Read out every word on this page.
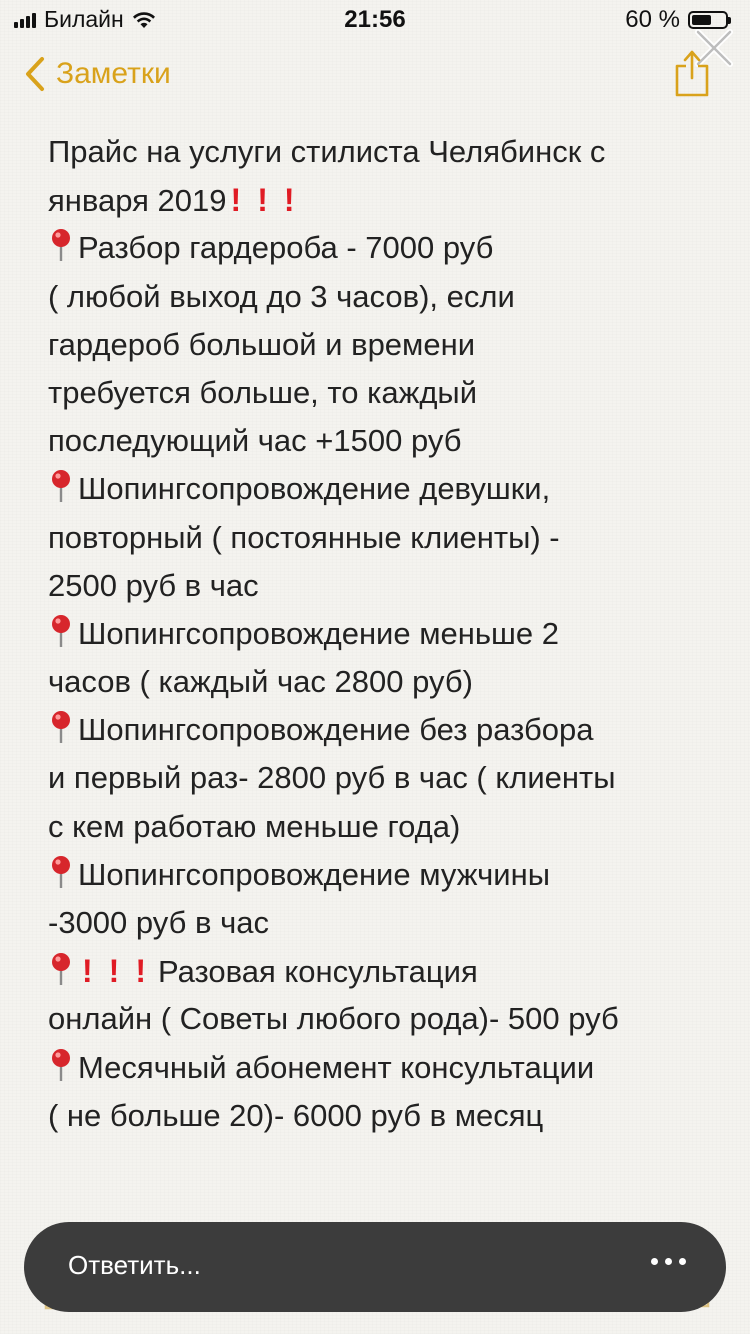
Билайн	21:56	60 %
Заметки
Прайс на услуги стилиста Челябинск с
января 2019 ! ! !
Разбор гардероба - 7000 руб
( любой выход до 3 часов), если
гардероб большой и времени
требуется больше, то каждый
последующий час +1500 руб
Шопингсопровождение девушки,
повторный ( постоянные клиенты) -
2500 руб в час
Шопингсопровождение меньше 2
часов ( каждый час 2800 руб)
Шопингсопровождение без разбора
и первый раз- 2800 руб в час ( клиенты
с кем работаю меньше года)
Шопингсопровождение мужчины
-3000 руб в час
! ! ! Разовая консультация
онлайн ( Советы любого рода)- 500 руб
Месячный абонемент консультации
( не больше 20)- 6000 руб в месяц
Ответить...
